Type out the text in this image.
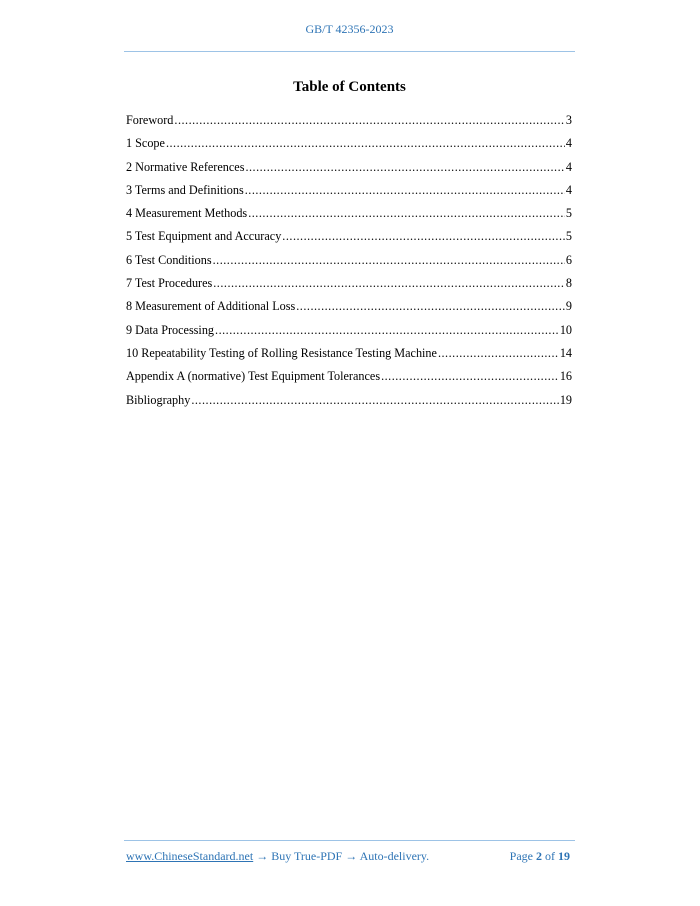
GB/T 42356-2023
Table of Contents
Foreword .....	3
1 Scope .....	4
2 Normative References .....	4
3 Terms and Definitions .....	4
4 Measurement Methods .....	5
5 Test Equipment and Accuracy .....	5
6 Test Conditions .....	6
7 Test Procedures .....	8
8 Measurement of Additional Loss .....	9
9 Data Processing .....	10
10 Repeatability Testing of Rolling Resistance Testing Machine .....	14
Appendix A (normative) Test Equipment Tolerances .....	16
Bibliography .....	19
www.ChineseStandard.net → Buy True-PDF → Auto-delivery.	Page 2 of 19
